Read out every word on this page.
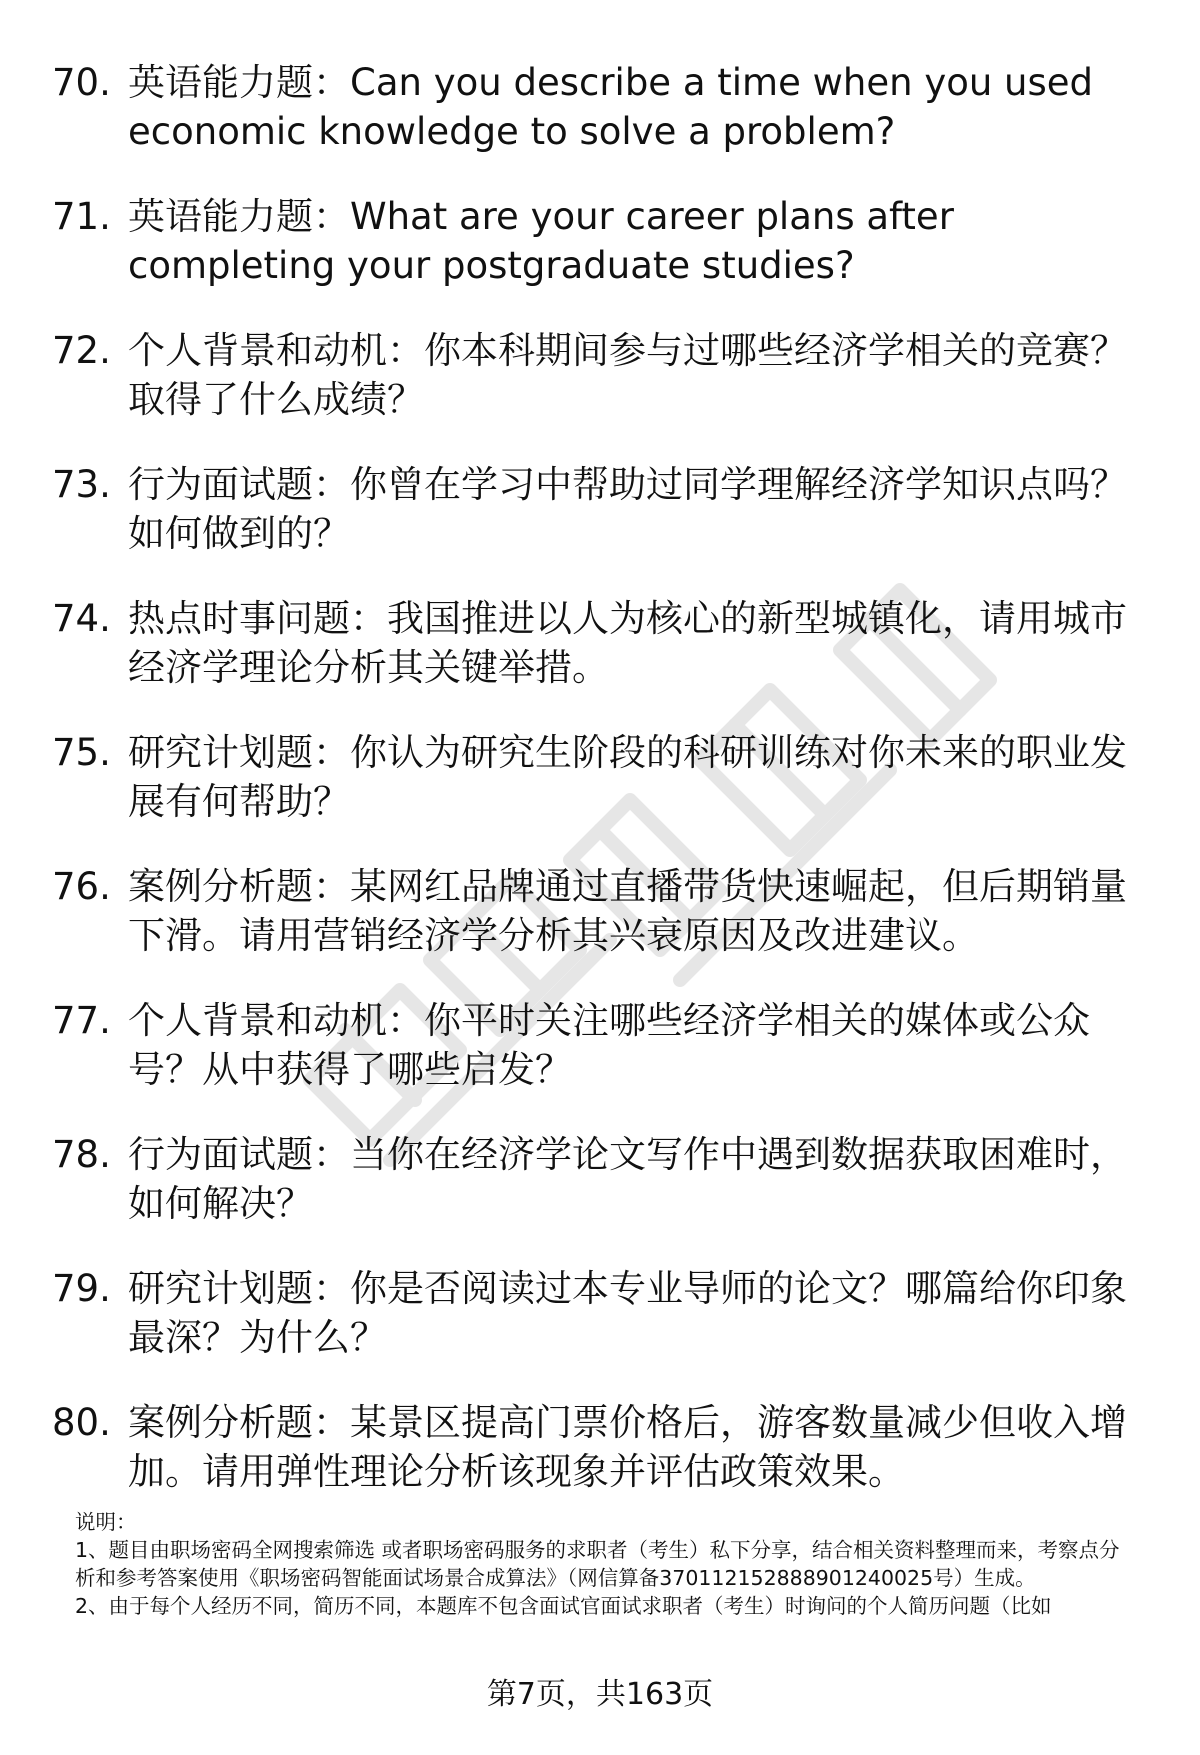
70. 英语能力题：Can you describe a time when you used economic knowledge to solve a problem?
71. 英语能力题：What are your career plans after completing your postgraduate studies?
72. 个人背景和动机：你本科期间参与过哪些经济学相关的竞赛？取得了什么成绩？
73. 行为面试题：你曾在学习中帮助过同学理解经济学知识点吗？如何做到的？
74. 热点时事问题：我国推进以人为核心的新型城镇化，请用城市经济学理论分析其关键举措。
75. 研究计划题：你认为研究生阶段的科研训练对你未来的职业发展有何帮助？
76. 案例分析题：某网红品牌通过直播带货快速崛起，但后期销量下滑。请用营销经济学分析其兴衰原因及改进建议。
77. 个人背景和动机：你平时关注哪些经济学相关的媒体或公众号？从中获得了哪些启发？
78. 行为面试题：当你在经济学论文写作中遇到数据获取困难时，如何解决？
79. 研究计划题：你是否阅读过本专业导师的论文？哪篇给你印象最深？为什么？
80. 案例分析题：某景区提高门票价格后，游客数量减少但收入增加。请用弹性理论分析该现象并评估政策效果。

说明：

1、题目由职场密码全网搜索筛选 或者职场密码服务的求职者（考生）私下分享，结合相关资料整理而来，考察点分析和参考答案使用《职场密码智能面试场景合成算法》（网信算备370112152888901240025号）生成。

2、由于每个人经历不同，简历不同，本题库不包含面试官面试求职者（考生）时询问的个人简历问题（比如

第7页，共163页
